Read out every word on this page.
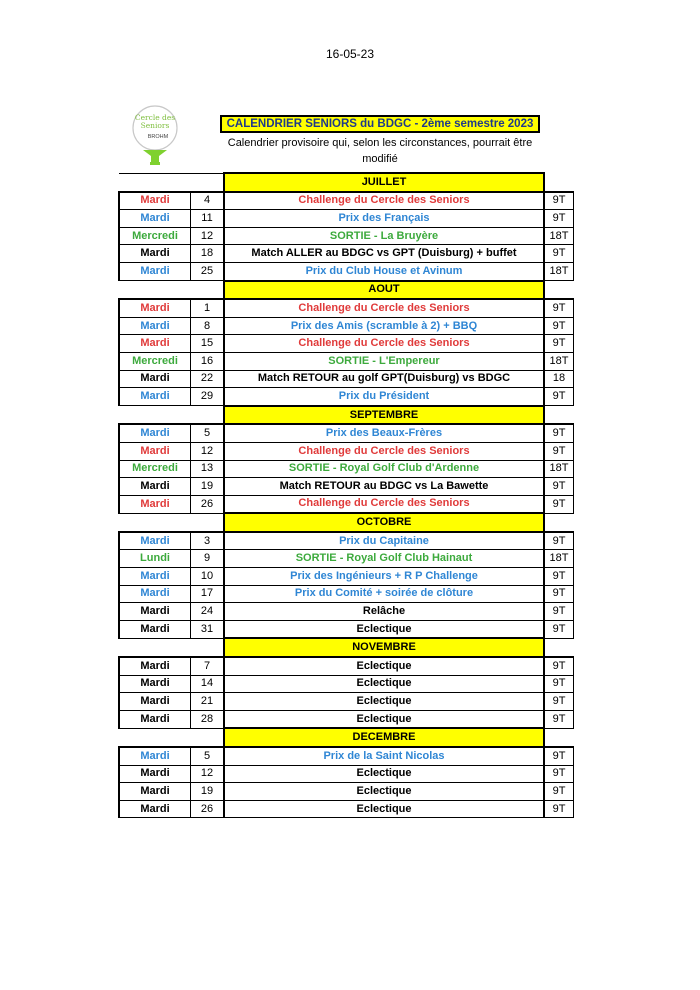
16-05-23
Cercle des
Seniors
BROHM
CALENDRIER SENIORS du BDGC - 2ème semestre 2023
Calendrier provisoire qui, selon les circonstances, pourrait être modifié
		JUILLET	
Mardi	4	Challenge du Cercle des Seniors	9T
Mardi	11	Prix des Français	9T
Mercredi	12	SORTIE - La Bruyère	18T
Mardi	18	Match ALLER au BDGC vs GPT (Duisburg) + buffet	9T
Mardi	25	Prix du Club House et Avinum	18T
		AOUT	
Mardi	1	Challenge du Cercle des Seniors	9T
Mardi	8	Prix des Amis (scramble à 2) + BBQ	9T
Mardi	15	Challenge du Cercle des Seniors	9T
Mercredi	16	SORTIE - L'Empereur	18T
Mardi	22	Match RETOUR au golf GPT(Duisburg) vs BDGC	18
Mardi	29	Prix du Président	9T
		SEPTEMBRE	
Mardi	5	Prix des Beaux-Frères	9T
Mardi	12	Challenge du Cercle des Seniors	9T
Mercredi	13	SORTIE - Royal Golf Club d'Ardenne	18T
Mardi	19	Match RETOUR au BDGC vs La Bawette	9T
Mardi	26	Challenge du Cercle des Seniors	9T
		OCTOBRE	
Mardi	3	Prix du Capitaine	9T
Lundi	9	SORTIE - Royal Golf Club Hainaut	18T
Mardi	10	Prix des Ingénieurs + R P Challenge	9T
Mardi	17	Prix du Comité + soirée de clôture	9T
Mardi	24	Relâche	9T
Mardi	31	Eclectique	9T
		NOVEMBRE	
Mardi	7	Eclectique	9T
Mardi	14	Eclectique	9T
Mardi	21	Eclectique	9T
Mardi	28	Eclectique	9T
		DECEMBRE	
Mardi	5	Prix de la Saint Nicolas	9T
Mardi	12	Eclectique	9T
Mardi	19	Eclectique	9T
Mardi	26	Eclectique	9T
